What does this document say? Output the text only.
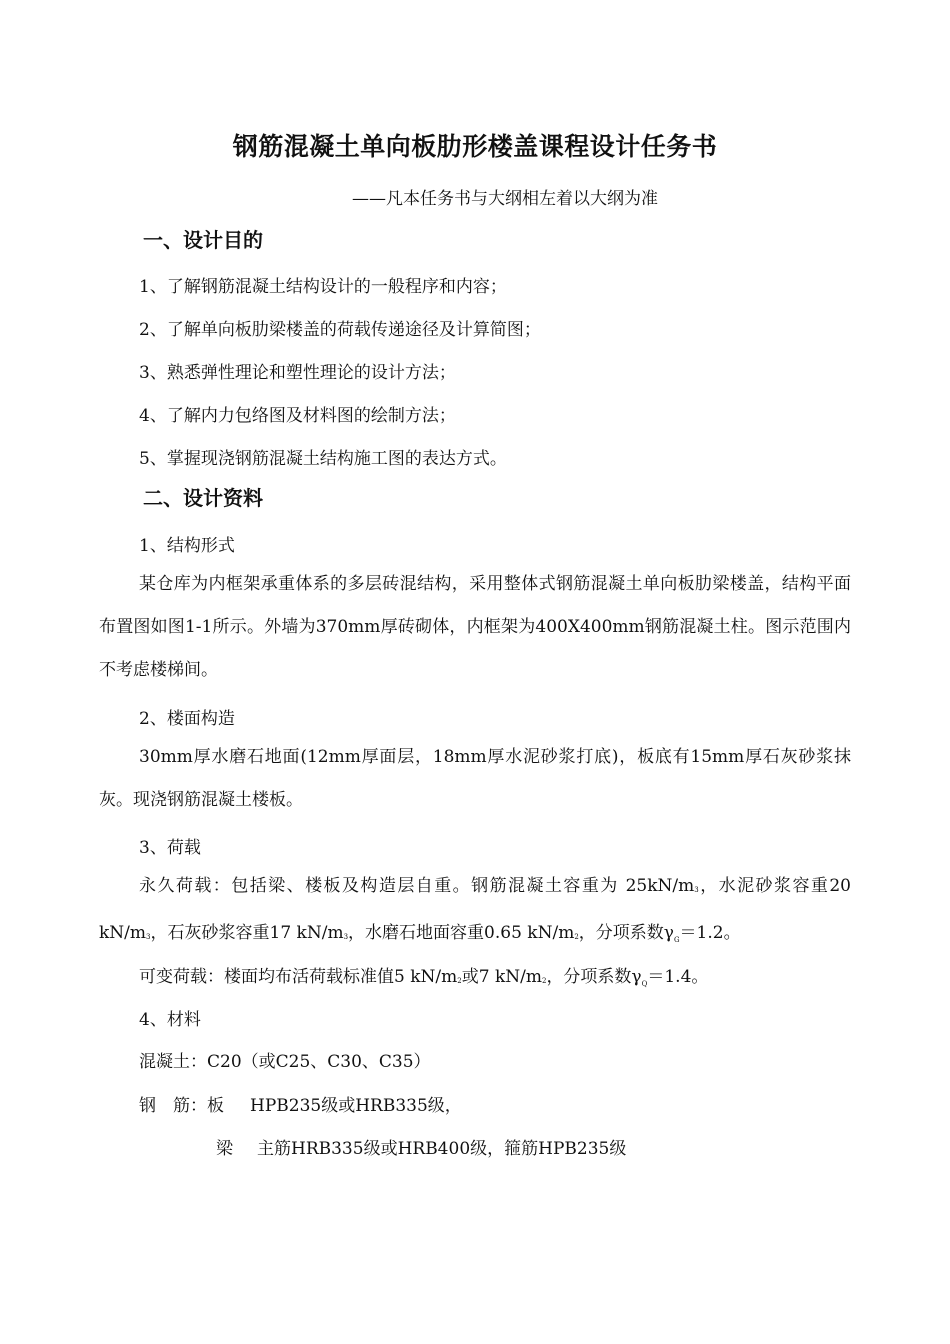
钢筋混凝土单向板肋形楼盖课程设计任务书
——凡本任务书与大纲相左着以大纲为准
一、设计目的
1、了解钢筋混凝土结构设计的一般程序和内容；
2、了解单向板肋梁楼盖的荷载传递途径及计算简图；
3、熟悉弹性理论和塑性理论的设计方法；
4、了解内力包络图及材料图的绘制方法；
5、掌握现浇钢筋混凝土结构施工图的表达方式。
二、设计资料
1、结构形式
某仓库为内框架承重体系的多层砖混结构，采用整体式钢筋混凝土单向板肋梁楼盖，结构平面布置图如图1-1所示。外墙为370mm厚砖砌体，内框架为400X400mm钢筋混凝土柱。图示范围内不考虑楼梯间。
2、楼面构造
30mm厚水磨石地面(12mm厚面层，18mm厚水泥砂浆打底)，板底有15mm厚石灰砂浆抹灰。现浇钢筋混凝土楼板。
3、荷载
永久荷载：包括梁、楼板及构造层自重。钢筋混凝土容重为 25kN/m3，水泥砂浆容重20 kN/m3，石灰砂浆容重17 kN/m3，水磨石地面容重0.65 kN/m2，分项系数$\gamma_G=1.2$。
可变荷载：楼面均布活荷载标准值5 kN/m2或7 kN/m2，分项系数$\gamma_Q=1.4$。
4、材料
混凝土：C20（或C25、C30、C35）
钢　筋：板 HPB235级或HRB335级，
梁 主筋HRB335级或HRB400级，箍筋HPB235级
